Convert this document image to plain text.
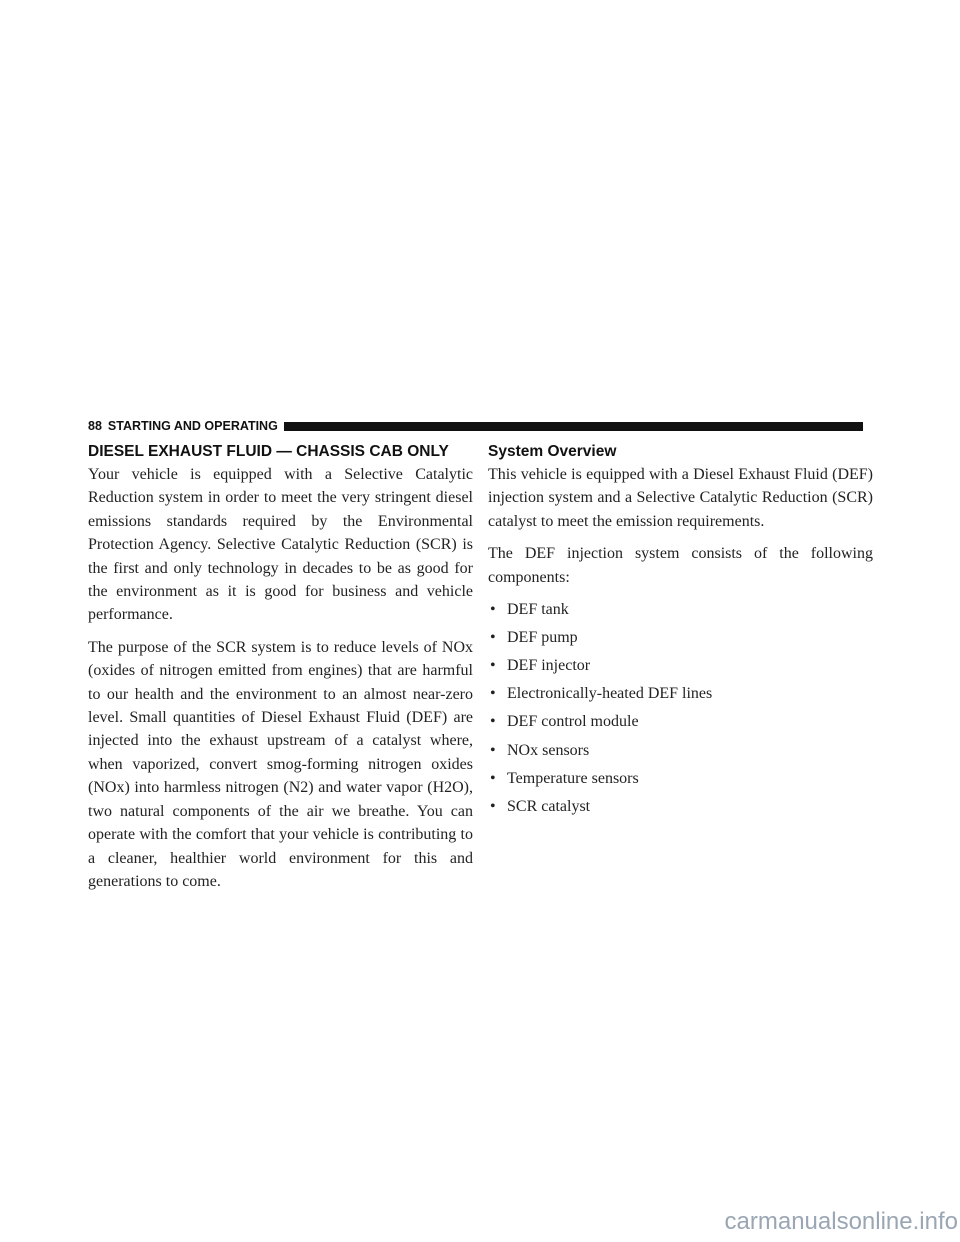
88 STARTING AND OPERATING
DIESEL EXHAUST FLUID — CHASSIS CAB ONLY

Your vehicle is equipped with a Selective Catalytic Reduction system in order to meet the very stringent diesel emissions standards required by the Environmental Protection Agency. Selective Catalytic Reduction (SCR) is the first and only technology in decades to be as good for the environment as it is good for business and vehicle performance.

The purpose of the SCR system is to reduce levels of NOx (oxides of nitrogen emitted from engines) that are harmful to our health and the environment to an almost near-zero level. Small quantities of Diesel Exhaust Fluid (DEF) are injected into the exhaust upstream of a catalyst where, when vaporized, convert smog-forming nitrogen oxides (NOx) into harmless nitrogen (N2) and water vapor (H2O), two natural components of the air we breathe. You can operate with the comfort that your vehicle is contributing to a cleaner, healthier world environment for this and generations to come.

System Overview

This vehicle is equipped with a Diesel Exhaust Fluid (DEF) injection system and a Selective Catalytic Reduction (SCR) catalyst to meet the emission requirements.

The DEF injection system consists of the following components:

• DEF tank
• DEF pump
• DEF injector
• Electronically-heated DEF lines
• DEF control module
• NOx sensors
• Temperature sensors
• SCR catalyst
carmanualsonline.info
